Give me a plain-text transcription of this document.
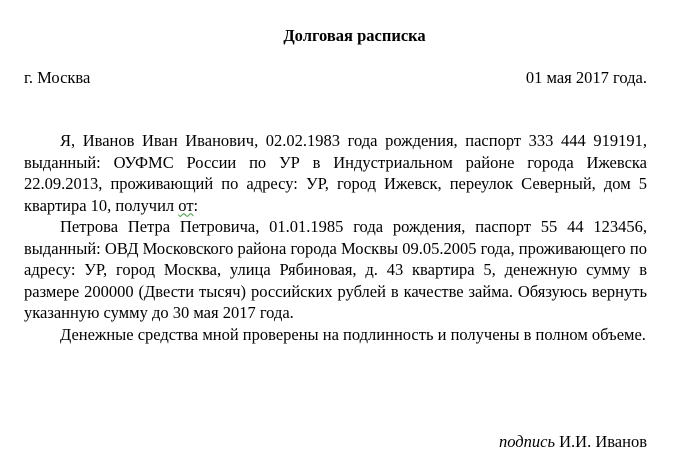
Долговая расписка
г. Москва	01 мая 2017 года.

Я, Иванов Иван Иванович, 02.02.1983 года рождения, паспорт 333 444 919191, выданный: ОУФМС России по УР в Индустриальном районе города Ижевска 22.09.2013, проживающий по адресу: УР, город Ижевск, переулок Северный, дом 5 квартира 10, получил от:

Петрова Петра Петровича, 01.01.1985 года рождения, паспорт 55 44 123456, выданный: ОВД Московского района города Москвы 09.05.2005 года, проживающего по адресу: УР, город Москва, улица Рябиновая, д. 43 квартира 5, денежную сумму в размере 200000 (Двести тысяч) российских рублей в качестве займа. Обязуюсь вернуть указанную сумму до 30 мая 2017 года.

Денежные средства мной проверены на подлинность и получены в полном объеме.

подпись И.И. Иванов
